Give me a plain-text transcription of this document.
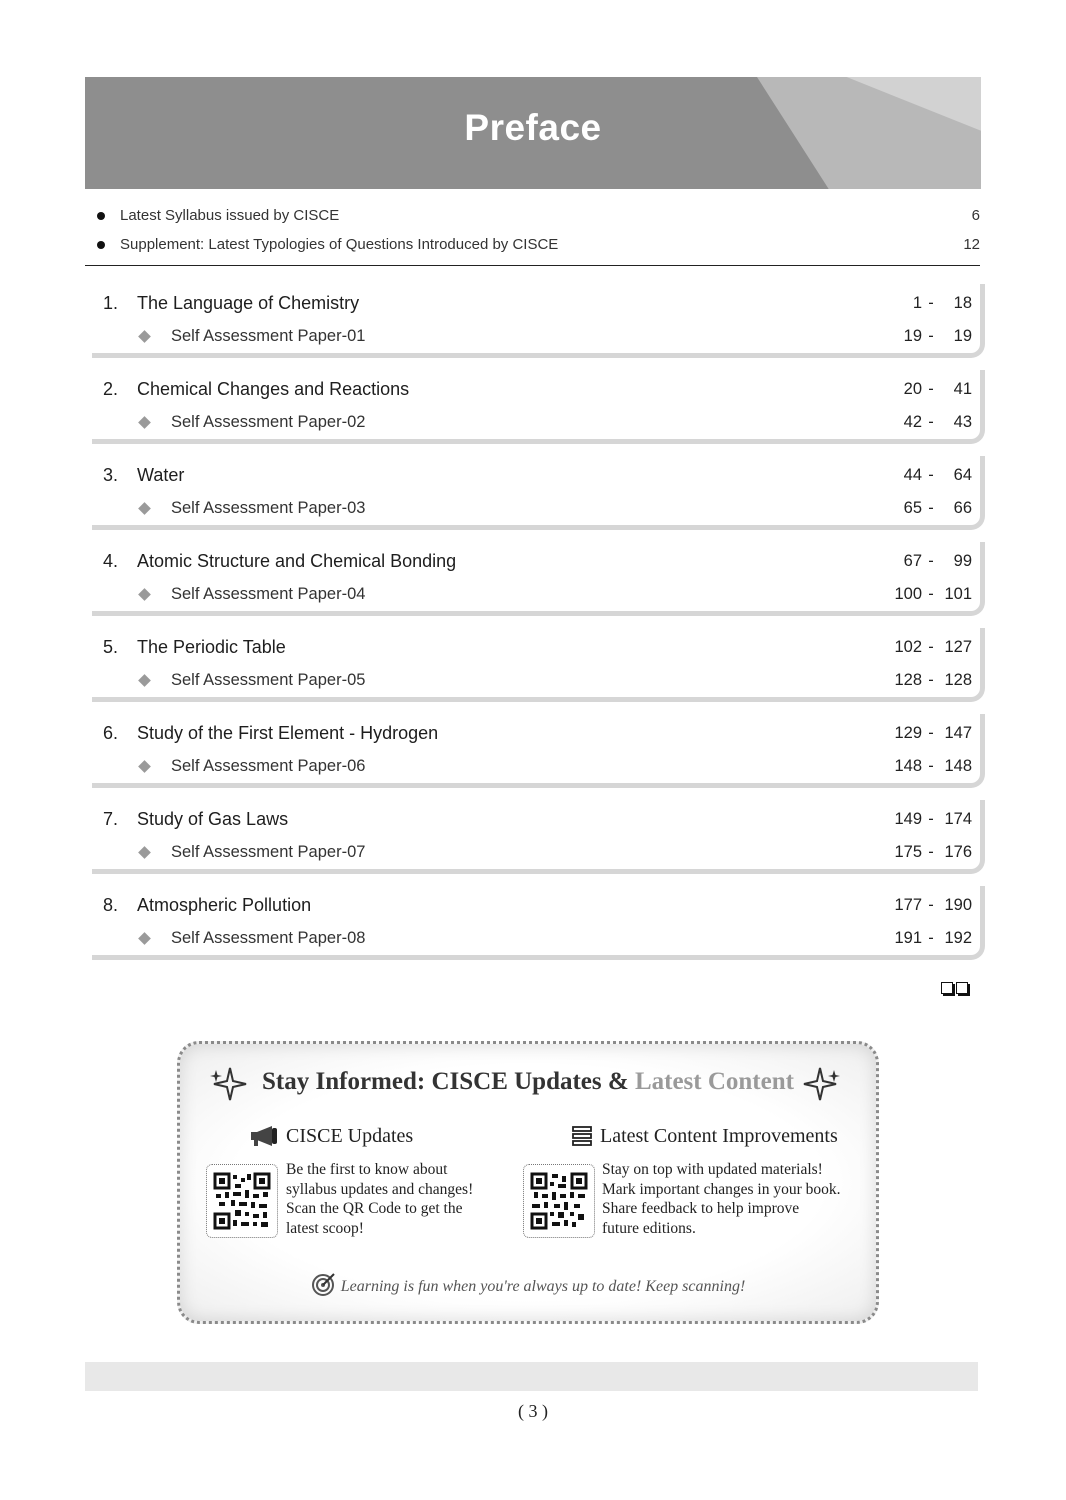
Preface
Latest Syllabus issued by CISCE	6
Supplement: Latest Typologies of Questions Introduced by CISCE	12
1.	The Language of Chemistry	1 -	18
Self Assessment Paper-01	19 -	19
2.	Chemical Changes and Reactions	20 -	41
Self Assessment Paper-02	42 -	43
3.	Water	44 -	64
Self Assessment Paper-03	65 -	66
4.	Atomic Structure and Chemical Bonding	67 -	99
Self Assessment Paper-04	100 - 101
5.	The Periodic Table	102 - 127
Self Assessment Paper-05	128 - 128
6.	Study of the First Element - Hydrogen	129 - 147
Self Assessment Paper-06	148 - 148
7.	Study of Gas Laws	149 - 174
Self Assessment Paper-07	175 - 176
8.	Atmospheric Pollution	177 - 190
Self Assessment Paper-08	191 - 192
Stay Informed: CISCE Updates & Latest Content
CISCE Updates
Be the first to know about
syllabus updates and changes!
Scan the QR Code to get the
latest scoop!
Latest Content Improvements
Stay on top with updated materials!
Mark important changes in your book.
Share feedback to help improve
future editions.
Learning is fun when you're always up to date! Keep scanning!
( 3 )
